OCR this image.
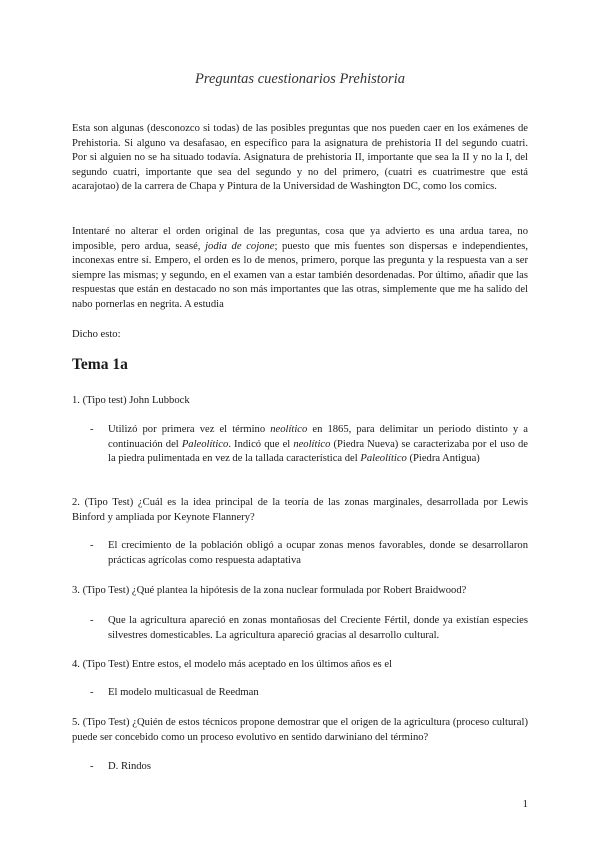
Preguntas cuestionarios Prehistoria

Esta son algunas (desconozco si todas) de las posibles preguntas que nos pueden caer en los exámenes de Prehistoria. Si alguno va desafasao, en específico para la asignatura de prehistoria II del segundo cuatri. Por si alguien no se ha situado todavía. Asignatura de prehistoria II, importante que sea la II y no la I, del segundo cuatri, importante que sea del segundo y no del primero, (cuatri es cuatrimestre que está acarajotao) de la carrera de Chapa y Pintura de la Universidad de Washington DC, como los comics.

Intentaré no alterar el orden original de las preguntas, cosa que ya advierto es una ardua tarea, no imposible, pero ardua, seasé, jodia de cojone; puesto que mis fuentes son dispersas e independientes, inconexas entre sí. Empero, el orden es lo de menos, primero, porque las pregunta y la respuesta van a ser siempre las mismas; y segundo, en el examen van a estar también desordenadas. Por último, añadir que las respuestas que están en destacado no son más importantes que las otras, simplemente que me ha salido del nabo pornerlas en negrita. A estudia

Dicho esto:

Tema 1a

1. (Tipo test) John Lubbock

- Utilizó por primera vez el término neolítico en 1865, para delimitar un periodo distinto y a continuación del Paleolítico. Indicó que el neolítico (Piedra Nueva) se caracterizaba por el uso de la piedra pulimentada en vez de la tallada característica del Paleolítico (Piedra Antigua)

2. (Tipo Test) ¿Cuál es la idea principal de la teoría de las zonas marginales, desarrollada por Lewis Binford y ampliada por Keynote Flannery?

- El crecimiento de la población obligó a ocupar zonas menos favorables, donde se desarrollaron prácticas agrícolas como respuesta adaptativa

3. (Tipo Test) ¿Qué plantea la hipótesis de la zona nuclear formulada por Robert Braidwood?

- Que la agricultura apareció en zonas montañosas del Creciente Fértil, donde ya existían especies silvestres domesticables. La agricultura apareció gracias al desarrollo cultural.

4. (Tipo Test) Entre estos, el modelo más aceptado en los últimos años es el

- El modelo multicasual de Reedman

5. (Tipo Test) ¿Quién de estos técnicos propone demostrar que el origen de la agricultura (proceso cultural) puede ser concebido como un proceso evolutivo en sentido darwiniano del término?

- D. Rindos
1
